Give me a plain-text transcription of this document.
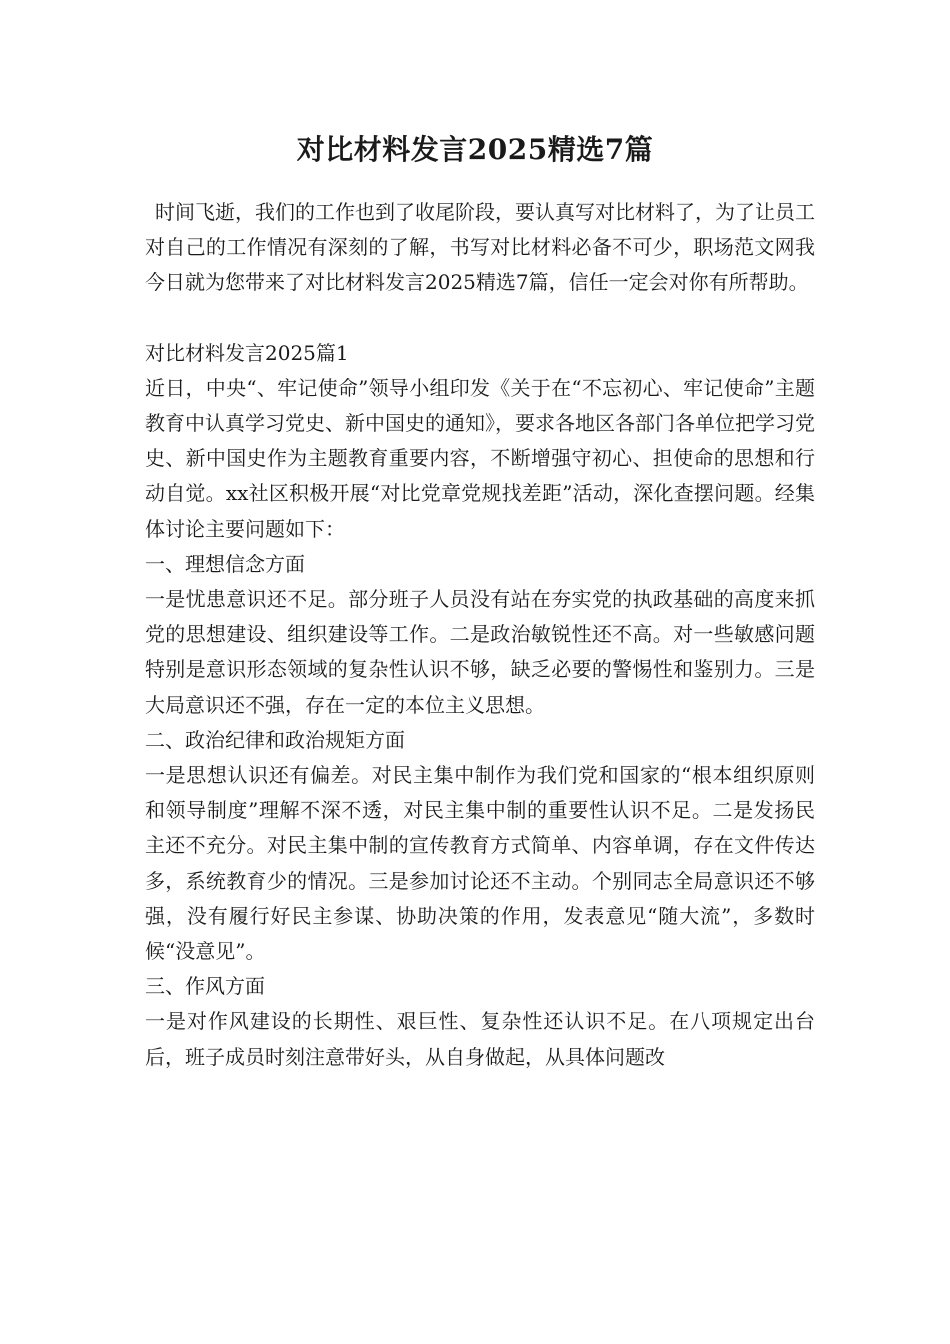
对比材料发言2025精选7篇

时间飞逝，我们的工作也到了收尾阶段，要认真写对比材料了，为了让员工对自己的工作情况有深刻的了解，书写对比材料必备不可少，职场范文网我今日就为您带来了对比材料发言2025精选7篇，信任一定会对你有所帮助。

对比材料发言2025篇1

近日，中央“、牢记使命”领导小组印发《关于在“不忘初心、牢记使命”主题教育中认真学习党史、新中国史的通知》，要求各地区各部门各单位把学习党史、新中国史作为主题教育重要内容，不断增强守初心、担使命的思想和行动自觉。xx社区积极开展“对比党章党规找差距”活动，深化查摆问题。经集体讨论主要问题如下：

一、理想信念方面

一是忧患意识还不足。部分班子人员没有站在夯实党的执政基础的高度来抓党的思想建设、组织建设等工作。二是政治敏锐性还不高。对一些敏感问题特别是意识形态领域的复杂性认识不够，缺乏必要的警惕性和鉴别力。三是大局意识还不强，存在一定的本位主义思想。

二、政治纪律和政治规矩方面

一是思想认识还有偏差。对民主集中制作为我们党和国家的“根本组织原则和领导制度”理解不深不透，对民主集中制的重要性认识不足。二是发扬民主还不充分。对民主集中制的宣传教育方式简单、内容单调，存在文件传达多，系统教育少的情况。三是参加讨论还不主动。个别同志全局意识还不够强，没有履行好民主参谋、协助决策的作用，发表意见“随大流”，多数时候“没意见”。

三、作风方面

一是对作风建设的长期性、艰巨性、复杂性还认识不足。在八项规定出台后，班子成员时刻注意带好头，从自身做起，从具体问题改
